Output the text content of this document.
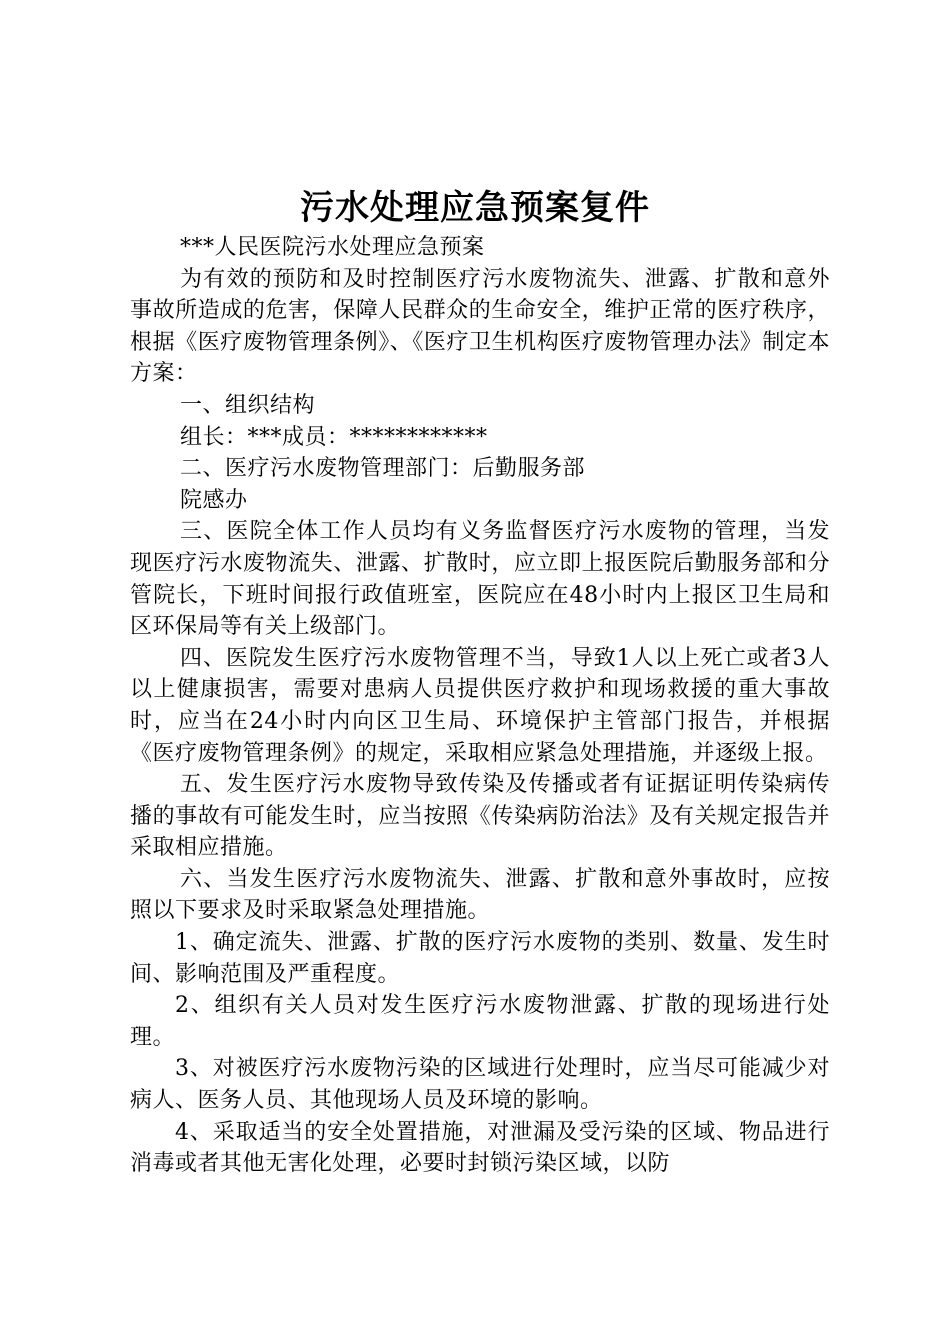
污水处理应急预案复件

***人民医院污水处理应急预案

为有效的预防和及时控制医疗污水废物流失、泄露、扩散和意外事故所造成的危害，保障人民群众的生命安全，维护正常的医疗秩序，根据《医疗废物管理条例》、《医疗卫生机构医疗废物管理办法》制定本方案：

一、组织结构

组长：***成员：************

二、医疗污水废物管理部门：后勤服务部

院感办

三、医院全体工作人员均有义务监督医疗污水废物的管理，当发现医疗污水废物流失、泄露、扩散时，应立即上报医院后勤服务部和分管院长，下班时间报行政值班室，医院应在48小时内上报区卫生局和区环保局等有关上级部门。

四、医院发生医疗污水废物管理不当，导致1人以上死亡或者3人以上健康损害，需要对患病人员提供医疗救护和现场救援的重大事故时，应当在24小时内向区卫生局、环境保护主管部门报告，并根据《医疗废物管理条例》的规定，采取相应紧急处理措施，并逐级上报。

五、发生医疗污水废物导致传染及传播或者有证据证明传染病传播的事故有可能发生时，应当按照《传染病防治法》及有关规定报告并采取相应措施。

六、当发生医疗污水废物流失、泄露、扩散和意外事故时，应按照以下要求及时采取紧急处理措施。

1、确定流失、泄露、扩散的医疗污水废物的类别、数量、发生时间、影响范围及严重程度。

2、组织有关人员对发生医疗污水废物泄露、扩散的现场进行处理。

3、对被医疗污水废物污染的区域进行处理时，应当尽可能减少对病人、医务人员、其他现场人员及环境的影响。

4、采取适当的安全处置措施，对泄漏及受污染的区域、物品进行消毒或者其他无害化处理，必要时封锁污染区域，以防
